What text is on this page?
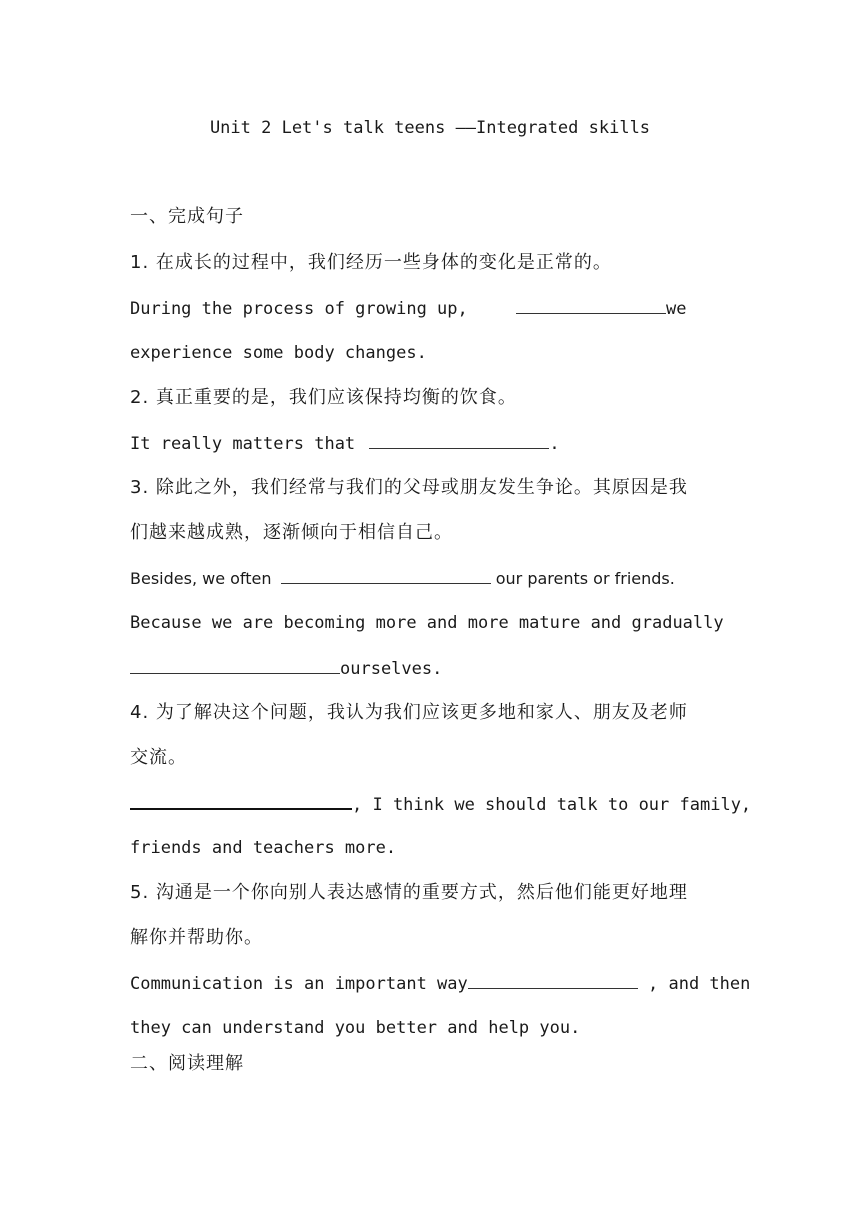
Unit 2 Let's talk teens ——Integrated skills
一、完成句子
1. 在成长的过程中，我们经历一些身体的变化是正常的。
During the process of growing up,	we
experience some body changes.
2. 真正重要的是，我们应该保持均衡的饮食。
It really matters that	.
3. 除此之外，我们经常与我们的父母或朋友发生争论。其原因是我
们越来越成熟，逐渐倾向于相信自己。
Besides, we often	our parents or friends.
Because we are becoming more and more mature and gradually
ourselves.
4. 为了解决这个问题，我认为我们应该更多地和家人、朋友及老师
交流。
, I think we should talk to our family,
friends and teachers more.
5. 沟通是一个你向别人表达感情的重要方式，然后他们能更好地理
解你并帮助你。
Communication is an important way	, and then
they can understand you better and help you.
二、阅读理解
